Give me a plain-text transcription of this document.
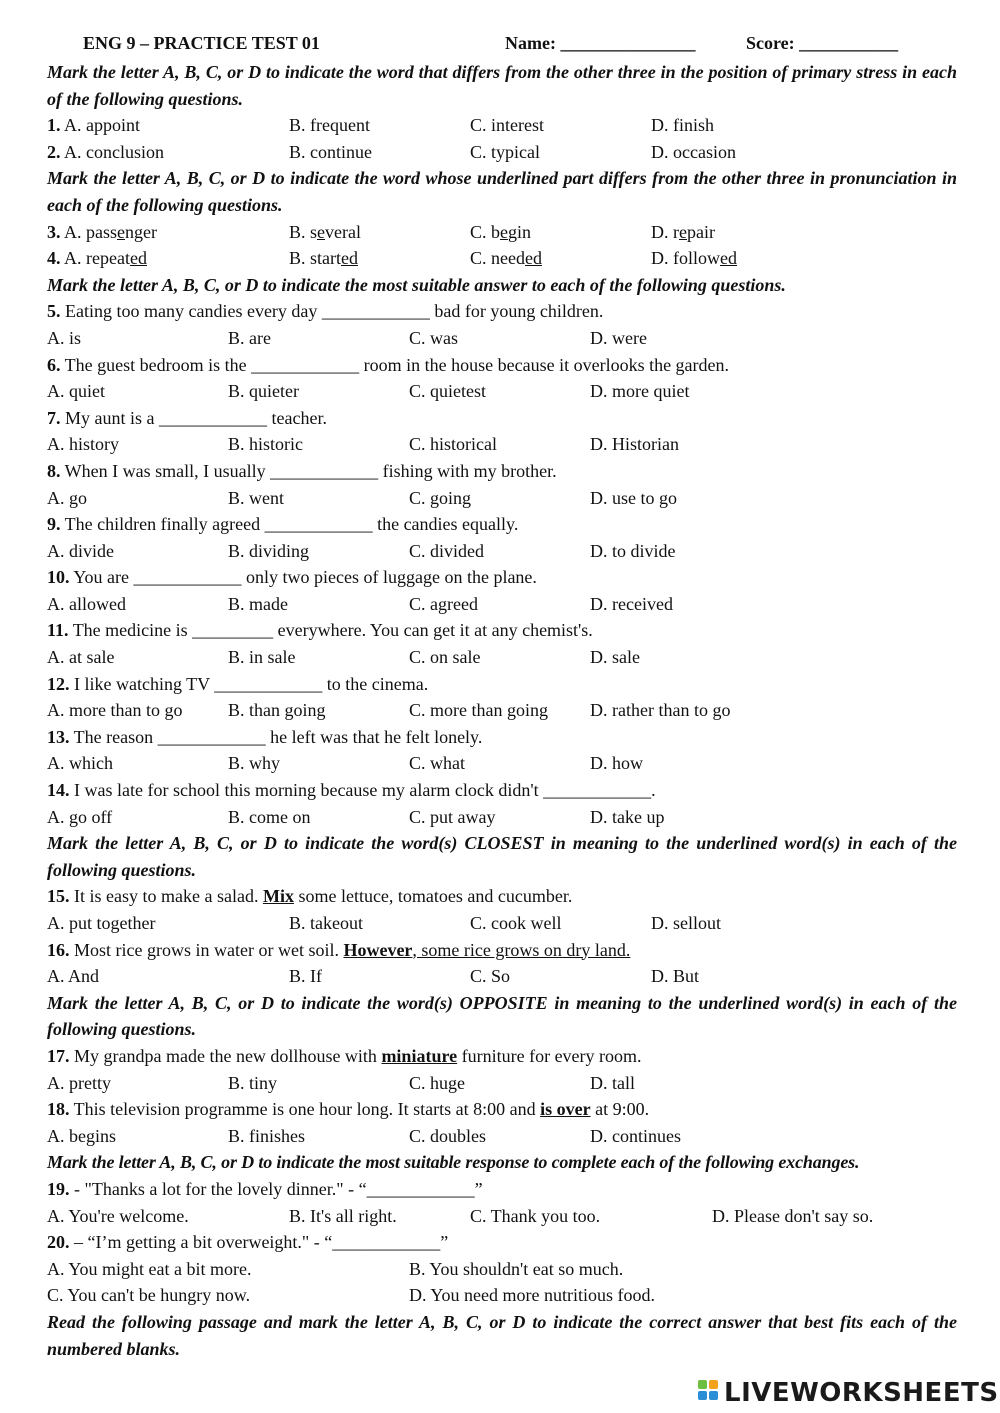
ENG 9 – PRACTICE TEST 01	Name: _______________	Score: ___________
Mark the letter A, B, C, or D to indicate the word that differs from the other three in the position of primary stress in each of the following questions.
1. A. appoint	B. frequent	C. interest	D. finish
2. A. conclusion	B. continue	C. typical	D. occasion
Mark the letter A, B, C, or D to indicate the word whose underlined part differs from the other three in pronunciation in each of the following questions.
3. A. passenger	B. several	C. begin	D. repair
4. A. repeated	B. started	C. needed	D. followed
Mark the letter A, B, C, or D to indicate the most suitable answer to each of the following questions.
5. Eating too many candies every day ____________ bad for young children.
A. is	B. are	C. was	D. were
6. The guest bedroom is the ____________ room in the house because it overlooks the garden.
A. quiet	B. quieter	C. quietest	D. more quiet
7. My aunt is a ____________ teacher.
A. history	B. historic	C. historical	D. Historian
8. When I was small, I usually ____________ fishing with my brother.
A. go	B. went	C. going	D. use to go
9. The children finally agreed ____________ the candies equally.
A. divide	B. dividing	C. divided	D. to divide
10. You are ____________ only two pieces of luggage on the plane.
A. allowed	B. made	C. agreed	D. received
11. The medicine is _________ everywhere. You can get it at any chemist's.
A. at sale	B. in sale	C. on sale	D. sale
12. I like watching TV ____________ to the cinema.
A. more than to go	B. than going	C. more than going D. rather than to go
13. The reason ____________ he left was that he felt lonely.
A. which	B. why	C. what	D. how
14. I was late for school this morning because my alarm clock didn't ____________.
A. go off	B. come on	C. put away	D. take up
Mark the letter A, B, C, or D to indicate the word(s) CLOSEST in meaning to the underlined word(s) in each of the following questions.
15. It is easy to make a salad. Mix some lettuce, tomatoes and cucumber.
A. put together	B. takeout	C. cook well	D. sellout
16. Most rice grows in water or wet soil. However, some rice grows on dry land.
A. And	B. If	C. So	D. But
Mark the letter A, B, C, or D to indicate the word(s) OPPOSITE in meaning to the underlined word(s) in each of the following questions.
17. My grandpa made the new dollhouse with miniature furniture for every room.
A. pretty	B. tiny	C. huge	D. tall
18. This television programme is one hour long. It starts at 8:00 and is over at 9:00.
A. begins	B. finishes	C. doubles	D. continues
Mark the letter A, B, C, or D to indicate the most suitable response to complete each of the following exchanges.
19. - "Thanks a lot for the lovely dinner." - “____________”
A. You're welcome.	B. It's all right.	C. Thank you too.	D. Please don't say so.
20. – “I’m getting a bit overweight." - “____________”
A. You might eat a bit more.	B. You shouldn't eat so much.
C. You can't be hungry now.	D. You need more nutritious food.
Read the following passage and mark the letter A, B, C, or D to indicate the correct answer that best fits each of the numbered blanks.
LIVEWORKSHEETS
